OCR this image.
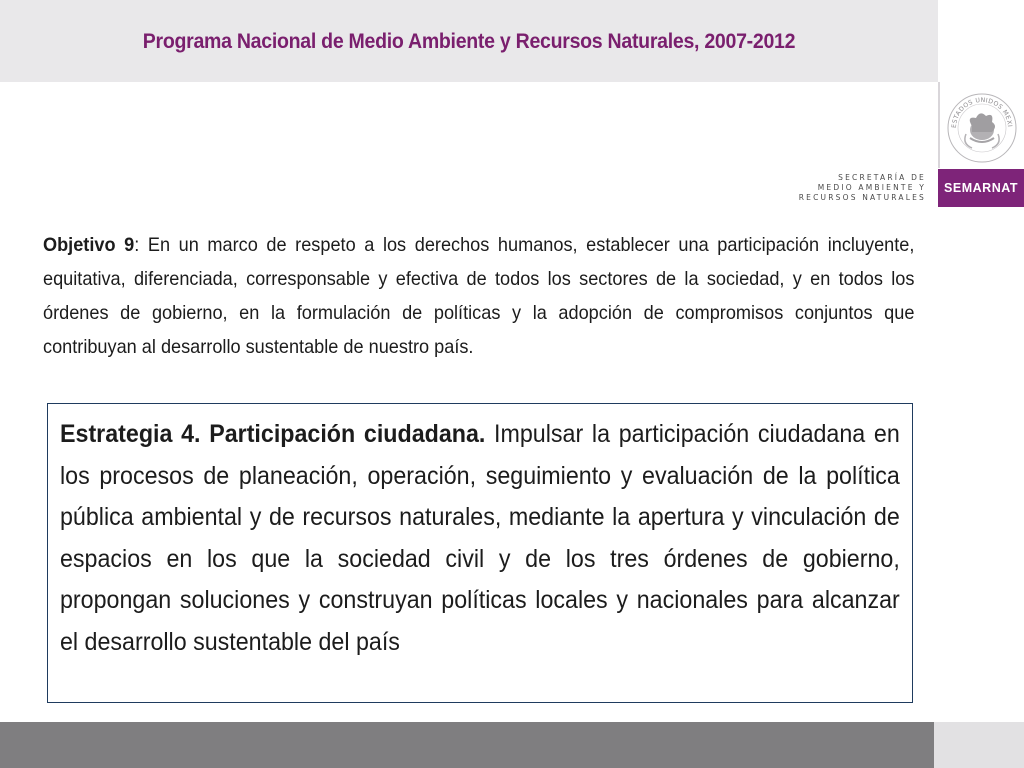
Programa Nacional de Medio Ambiente y Recursos Naturales, 2007-2012
ESTADOS UNIDOS MEXI
SECRETARÍA DE
MEDIO AMBIENTE Y
RECURSOS NATURALES
SEMARNAT
Objetivo 9: En un marco de respeto a los derechos humanos, establecer una participación incluyente, equitativa, diferenciada, corresponsable y efectiva de todos los sectores de la sociedad, y en todos los órdenes de gobierno, en la formulación de políticas y la adopción de compromisos conjuntos que contribuyan al desarrollo sustentable de nuestro país.
Estrategia 4. Participación ciudadana. Impulsar la participación ciudadana en los procesos de planeación, operación, seguimiento y evaluación de la política pública ambiental y de recursos naturales, mediante la apertura y vinculación de espacios en los que la sociedad civil y de los tres órdenes de gobierno, propongan soluciones y construyan políticas locales y nacionales para alcanzar el desarrollo sustentable del país
